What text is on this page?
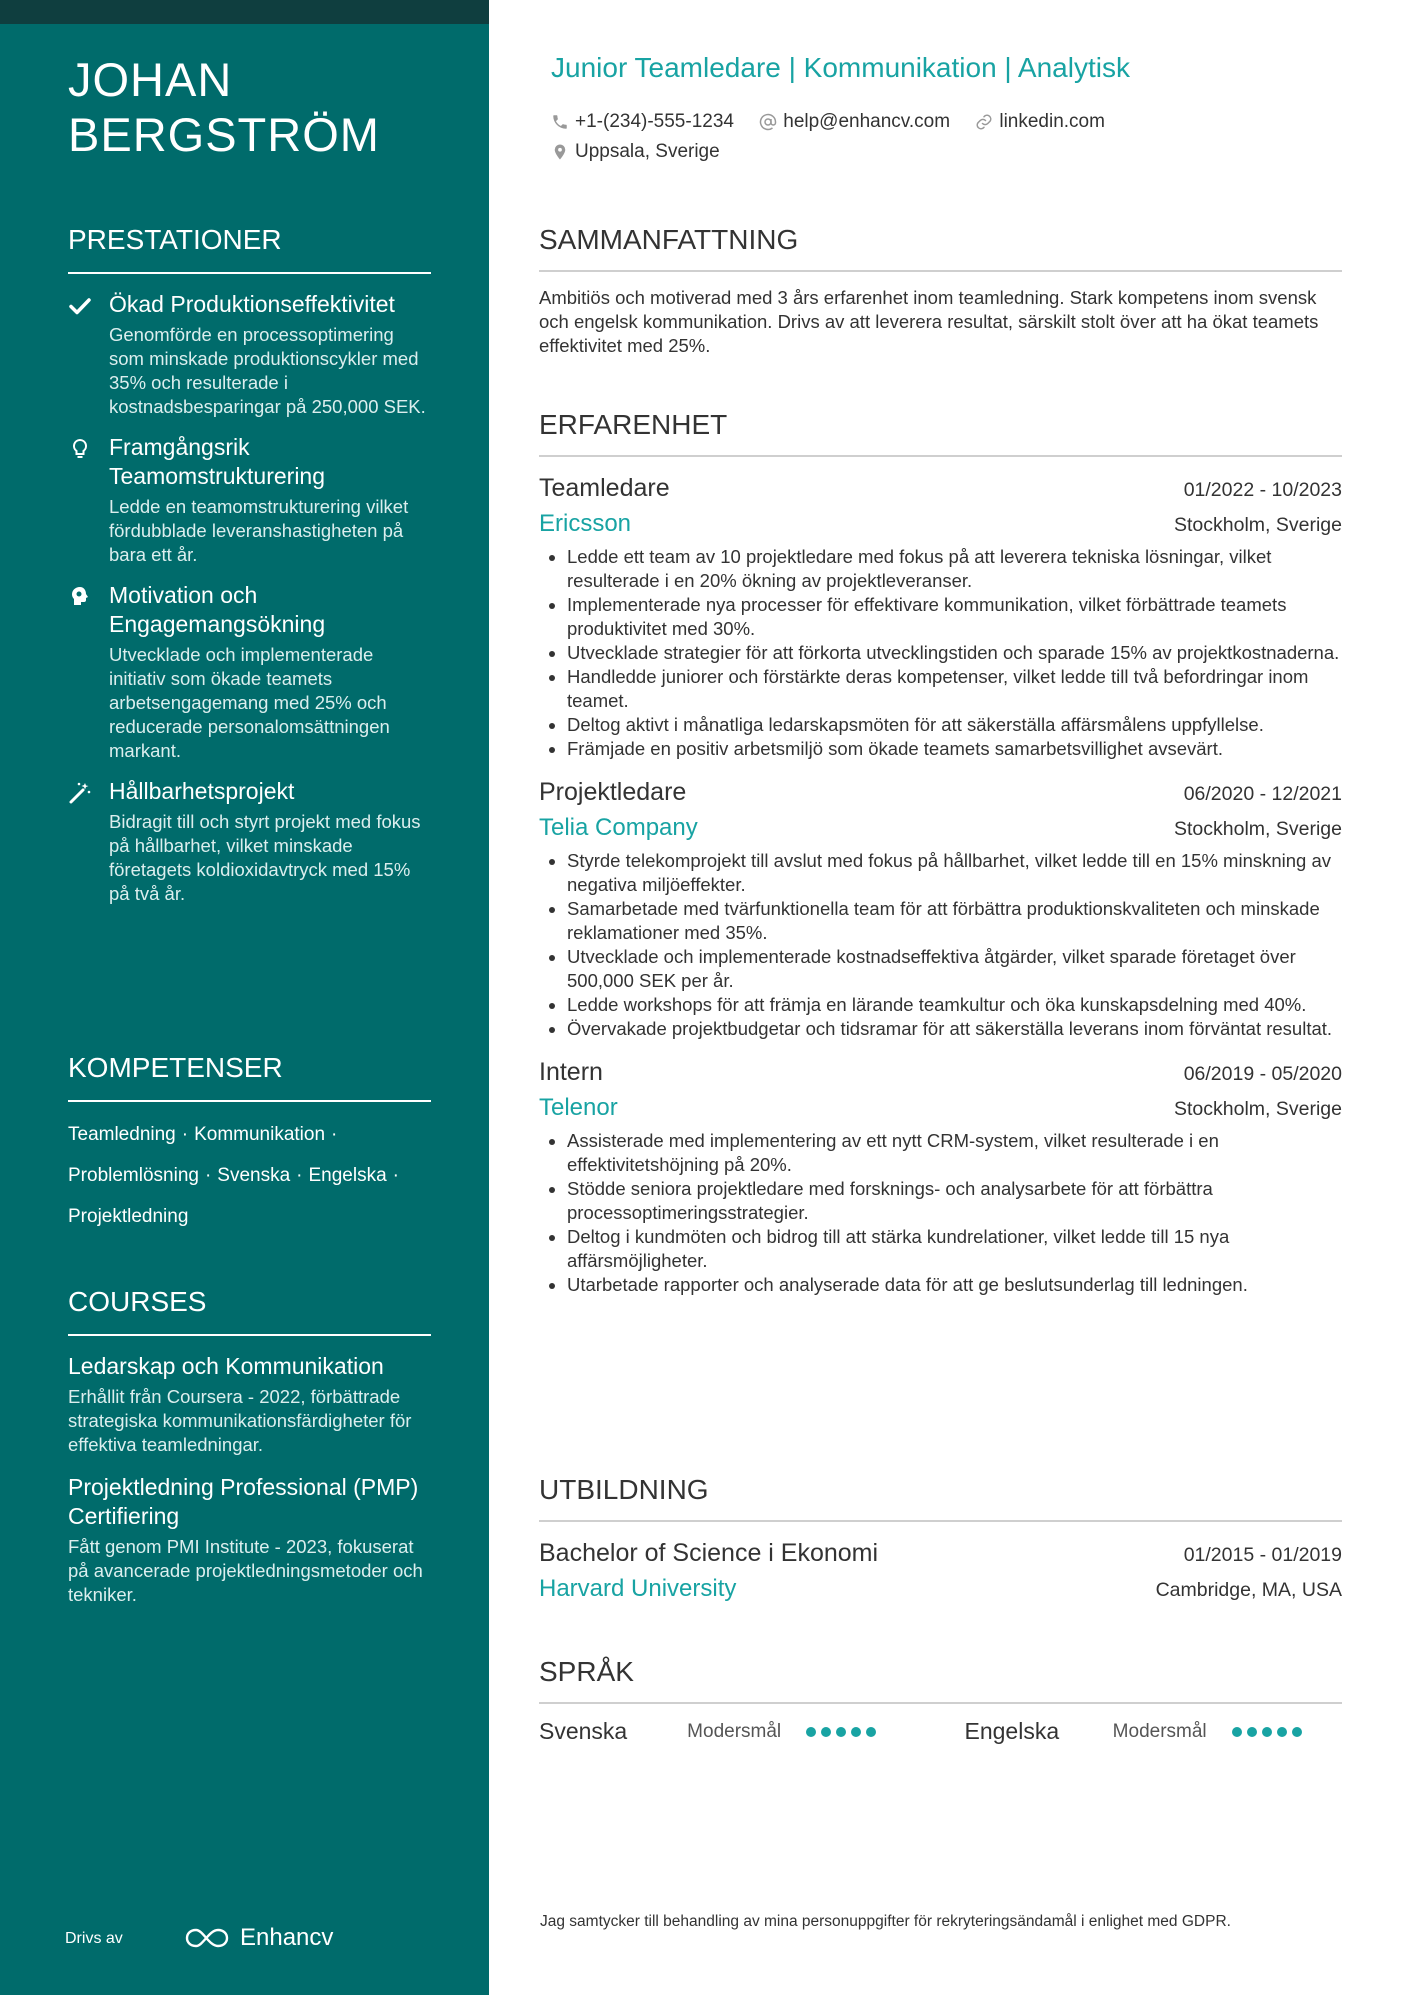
JOHAN
BERGSTRÖM
PRESTATIONER

Ökad Produktionseffektivitet

Genomförde en processoptimering som minskade produktionscykler med 35% och resulterade i kostnadsbesparingar på 250,000 SEK.

Framgångsrik Teamomstrukturering

Ledde en teamomstrukturering vilket fördubblade leveranshastigheten på bara ett år.

Motivation och Engagemangsökning

Utvecklade och implementerade initiativ som ökade teamets arbetsengagemang med 25% och reducerade personalomsättningen markant.

Hållbarhetsprojekt

Bidragit till och styrt projekt med fokus på hållbarhet, vilket minskade företagets koldioxidavtryck med 15% på två år.

KOMPETENSER
Teamledning · Kommunikation ·
Problemlösning · Svenska · Engelska ·
Projektledning
COURSES

Ledarskap och Kommunikation

Erhållit från Coursera - 2022, förbättrade strategiska kommunikationsfärdigheter för effektiva teamledningar.

Projektledning Professional (PMP) Certifiering

Fått genom PMI Institute - 2023, fokuserat på avancerade projektledningsmetoder och tekniker.

Drivs av	Enhancv
Junior Teamledare | Kommunikation | Analytisk
+1-(234)-555-1234
	help@enhancv.com
	linkedin.com

Uppsala, Sverige
SAMMANFATTNING

Ambitiös och motiverad med 3 års erfarenhet inom teamledning. Stark kompetens inom svensk och engelsk kommunikation. Drivs av att leverera resultat, särskilt stolt över att ha ökat teamets effektivitet med 25%.

ERFARENHET
Teamledare	01/2022 - 10/2023
Ericsson	Stockholm, Sverige
• Ledde ett team av 10 projektledare med fokus på att leverera tekniska lösningar, vilket resulterade i en 20% ökning av projektleveranser.
• Implementerade nya processer för effektivare kommunikation, vilket förbättrade teamets produktivitet med 30%.
• Utvecklade strategier för att förkorta utvecklingstiden och sparade 15% av projektkostnaderna.
• Handledde juniorer och förstärkte deras kompetenser, vilket ledde till två befordringar inom teamet.
• Deltog aktivt i månatliga ledarskapsmöten för att säkerställa affärsmålens uppfyllelse.
• Främjade en positiv arbetsmiljö som ökade teamets samarbetsvillighet avsevärt.
Projektledare	06/2020 - 12/2021
Telia Company	Stockholm, Sverige
• Styrde telekomprojekt till avslut med fokus på hållbarhet, vilket ledde till en 15% minskning av negativa miljöeffekter.
• Samarbetade med tvärfunktionella team för att förbättra produktionskvaliteten och minskade reklamationer med 35%.
• Utvecklade och implementerade kostnadseffektiva åtgärder, vilket sparade företaget över 500,000 SEK per år.
• Ledde workshops för att främja en lärande teamkultur och öka kunskapsdelning med 40%.
• Övervakade projektbudgetar och tidsramar för att säkerställa leverans inom förväntat resultat.
Intern	06/2019 - 05/2020
Telenor	Stockholm, Sverige
• Assisterade med implementering av ett nytt CRM-system, vilket resulterade i en effektivitetshöjning på 20%.
• Stödde seniora projektledare med forsknings- och analysarbete för att förbättra processoptimeringsstrategier.
• Deltog i kundmöten och bidrog till att stärka kundrelationer, vilket ledde till 15 nya affärsmöjligheter.
• Utarbetade rapporter och analyserade data för att ge beslutsunderlag till ledningen.
UTBILDNING
Bachelor of Science i Ekonomi	01/2015 - 01/2019
Harvard University	Cambridge, MA, USA
SPRÅK
Svenska	Modersmål	Engelska	Modersmål
Jag samtycker till behandling av mina personuppgifter för rekryteringsändamål i enlighet med GDPR.
